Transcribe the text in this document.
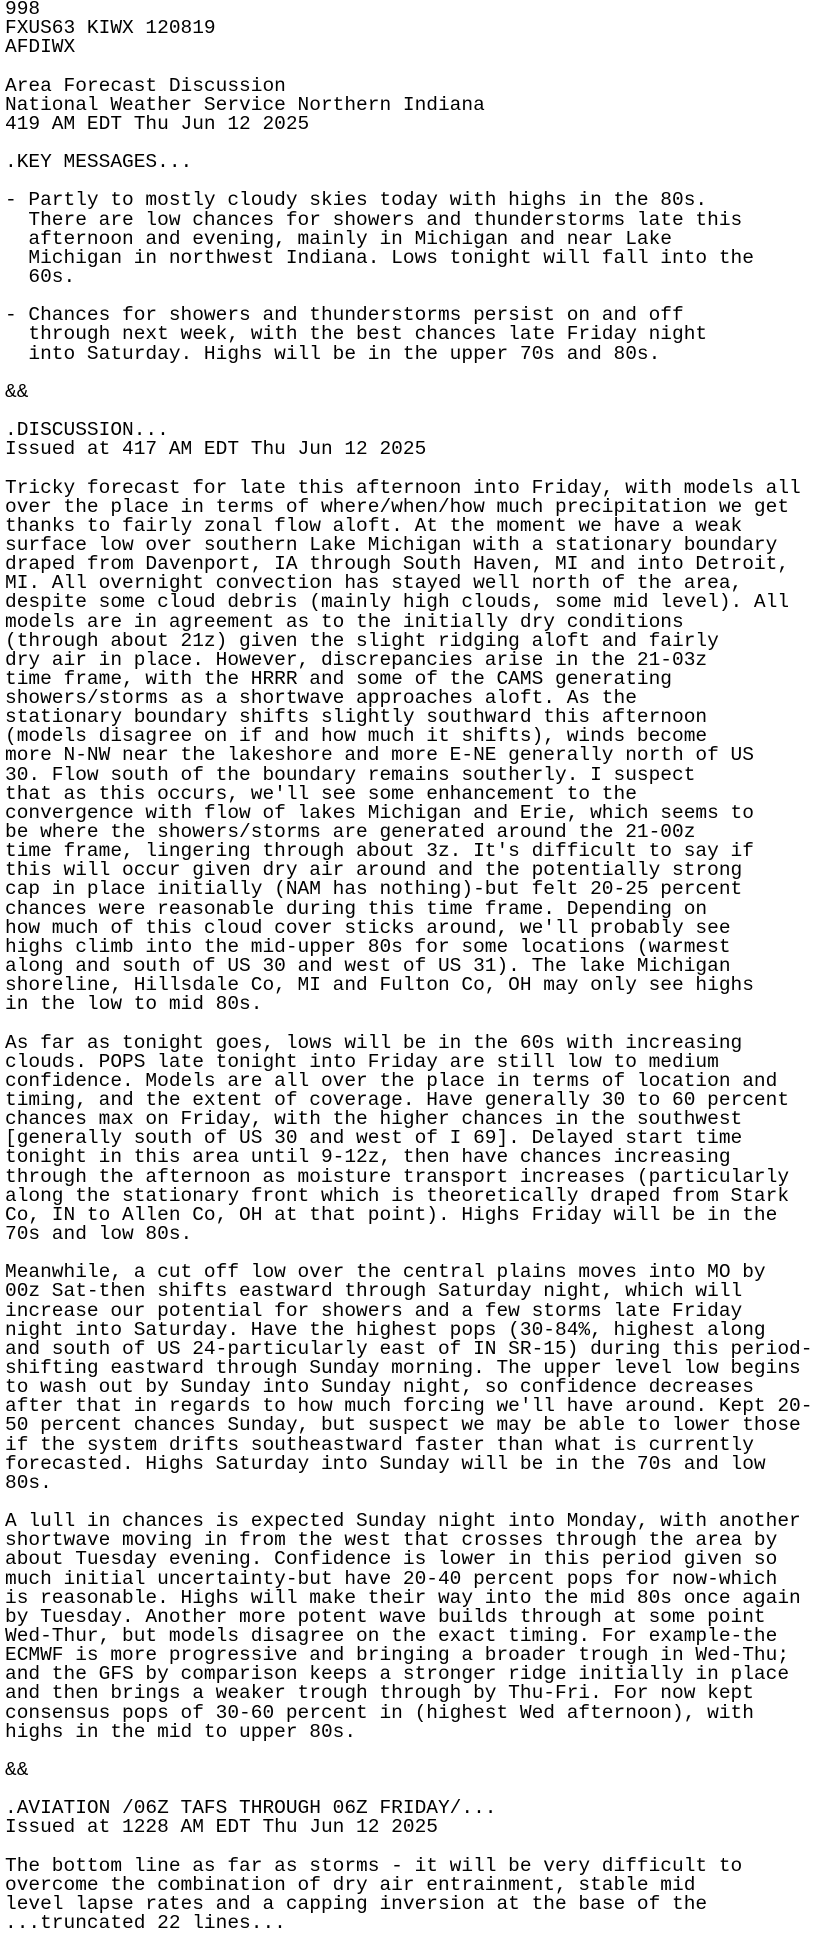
998
FXUS63 KIWX 120819
AFDIWX
Area Forecast Discussion
National Weather Service Northern Indiana
419 AM EDT Thu Jun 12 2025
.KEY MESSAGES...
- Partly to mostly cloudy skies today with highs in the 80s.
There are low chances for showers and thunderstorms late this
afternoon and evening, mainly in Michigan and near Lake
Michigan in northwest Indiana. Lows tonight will fall into the
60s.
- Chances for showers and thunderstorms persist on and off
through next week, with the best chances late Friday night
into Saturday. Highs will be in the upper 70s and 80s.
&&
.DISCUSSION...
Issued at 417 AM EDT Thu Jun 12 2025
Tricky forecast for late this afternoon into Friday, with models all
over the place in terms of where/when/how much precipitation we get
thanks to fairly zonal flow aloft. At the moment we have a weak
surface low over southern Lake Michigan with a stationary boundary
draped from Davenport, IA through South Haven, MI and into Detroit,
MI. All overnight convection has stayed well north of the area,
despite some cloud debris (mainly high clouds, some mid level). All
models are in agreement as to the initially dry conditions
(through about 21z) given the slight ridging aloft and fairly
dry air in place. However, discrepancies arise in the 21-03z
time frame, with the HRRR and some of the CAMS generating
showers/storms as a shortwave approaches aloft. As the
stationary boundary shifts slightly southward this afternoon
(models disagree on if and how much it shifts), winds become
more N-NW near the lakeshore and more E-NE generally north of US
30. Flow south of the boundary remains southerly. I suspect
that as this occurs, we'll see some enhancement to the
convergence with flow of lakes Michigan and Erie, which seems to
be where the showers/storms are generated around the 21-00z
time frame, lingering through about 3z. It's difficult to say if
this will occur given dry air around and the potentially strong
cap in place initially (NAM has nothing)-but felt 20-25 percent
chances were reasonable during this time frame. Depending on
how much of this cloud cover sticks around, we'll probably see
highs climb into the mid-upper 80s for some locations (warmest
along and south of US 30 and west of US 31). The lake Michigan
shoreline, Hillsdale Co, MI and Fulton Co, OH may only see highs
in the low to mid 80s.
As far as tonight goes, lows will be in the 60s with increasing
clouds. POPS late tonight into Friday are still low to medium
confidence. Models are all over the place in terms of location and
timing, and the extent of coverage. Have generally 30 to 60 percent
chances max on Friday, with the higher chances in the southwest
[generally south of US 30 and west of I 69]. Delayed start time
tonight in this area until 9-12z, then have chances increasing
through the afternoon as moisture transport increases (particularly
along the stationary front which is theoretically draped from Stark
Co, IN to Allen Co, OH at that point). Highs Friday will be in the
70s and low 80s.
Meanwhile, a cut off low over the central plains moves into MO by
00z Sat-then shifts eastward through Saturday night, which will
increase our potential for showers and a few storms late Friday
night into Saturday. Have the highest pops (30-84%, highest along
and south of US 24-particularly east of IN SR-15) during this period-
shifting eastward through Sunday morning. The upper level low begins
to wash out by Sunday into Sunday night, so confidence decreases
after that in regards to how much forcing we'll have around. Kept 20-
50 percent chances Sunday, but suspect we may be able to lower those
if the system drifts southeastward faster than what is currently
forecasted. Highs Saturday into Sunday will be in the 70s and low
80s.
A lull in chances is expected Sunday night into Monday, with another
shortwave moving in from the west that crosses through the area by
about Tuesday evening. Confidence is lower in this period given so
much initial uncertainty-but have 20-40 percent pops for now-which
is reasonable. Highs will make their way into the mid 80s once again
by Tuesday. Another more potent wave builds through at some point
Wed-Thur, but models disagree on the exact timing. For example-the
ECMWF is more progressive and bringing a broader trough in Wed-Thu;
and the GFS by comparison keeps a stronger ridge initially in place
and then brings a weaker trough through by Thu-Fri. For now kept
consensus pops of 30-60 percent in (highest Wed afternoon), with
highs in the mid to upper 80s.
&&
.AVIATION /06Z TAFS THROUGH 06Z FRIDAY/...
Issued at 1228 AM EDT Thu Jun 12 2025
The bottom line as far as storms - it will be very difficult to
overcome the combination of dry air entrainment, stable mid
level lapse rates and a capping inversion at the base of the
...truncated 22 lines...
